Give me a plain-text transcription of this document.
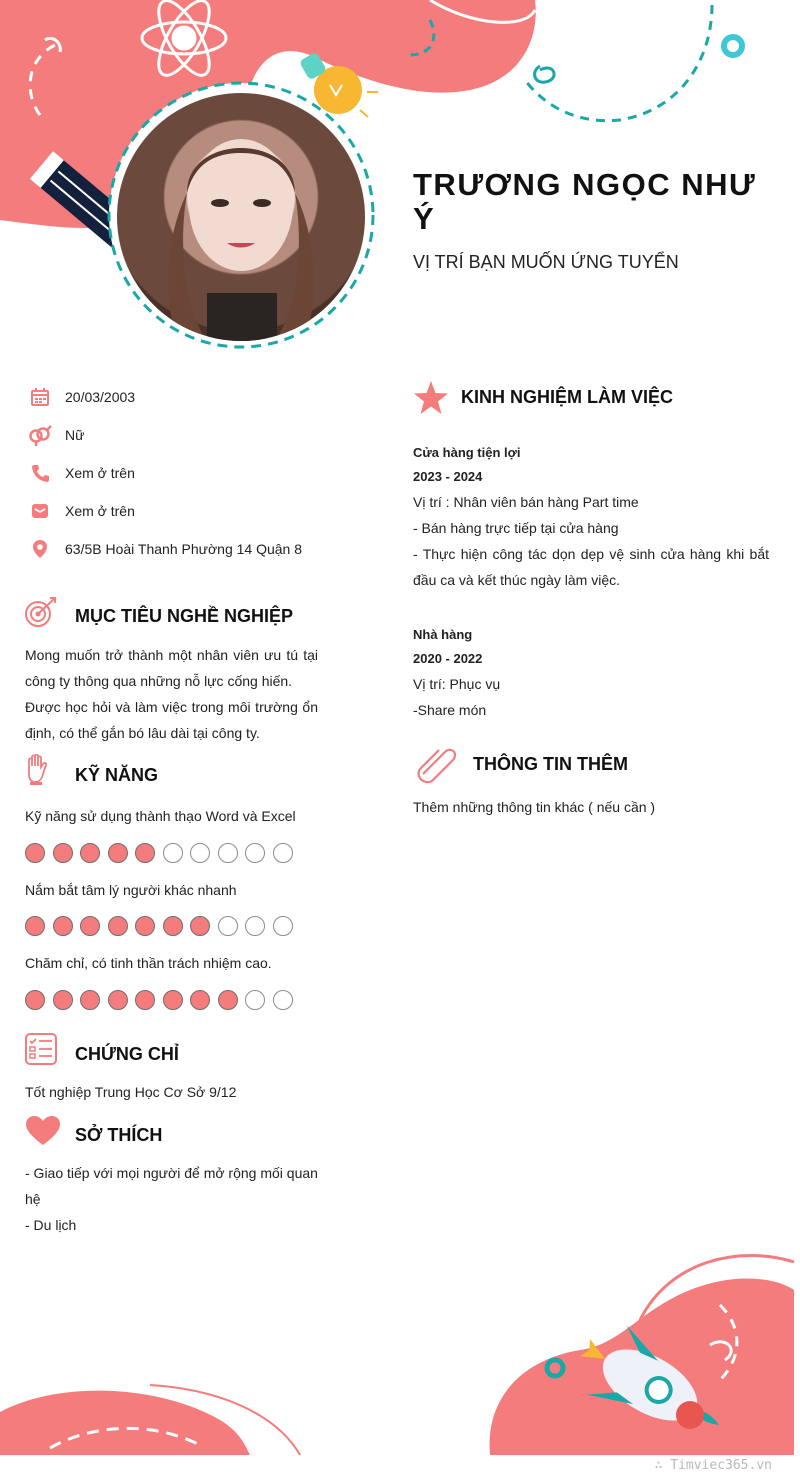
TRƯƠNG NGỌC NHƯ Ý
VỊ TRÍ BẠN MUỐN ỨNG TUYỂN
20/03/2003
Nữ
Xem ở trên
Xem ở trên
63/5B Hoài Thanh Phường 14 Quận 8
MỤC TIÊU NGHỀ NGHIỆP
Mong muốn trở thành một nhân viên ưu tú tại
công ty thông qua những nỗ lực cống hiến.
Được học hỏi và làm việc trong môi trường ổn
định, có thể gắn bó lâu dài tại công ty.
KỸ NĂNG
Kỹ năng sử dụng thành thạo Word và Excel
Nắm bắt tâm lý người khác nhanh
Chăm chỉ, có tinh thần trách nhiệm cao.
CHỨNG CHỈ
Tốt nghiệp Trung Học Cơ Sở 9/12
SỞ THÍCH
- Giao tiếp với mọi người để mở rộng mối quan
hệ
- Du lịch
KINH NGHIỆM LÀM VIỆC
Cửa hàng tiện lợi
2023 - 2024
Vị trí : Nhân viên bán hàng Part time
- Bán hàng trực tiếp tại cửa hàng
- Thực hiện công tác dọn dẹp vệ sinh cửa hàng khi bắt
đầu ca và kết thúc ngày làm việc.
Nhà hàng
2020 - 2022
Vị trí: Phục vụ
-Share món
THÔNG TIN THÊM
Thêm những thông tin khác ( nếu cần )
∴ Timviec365.vn
